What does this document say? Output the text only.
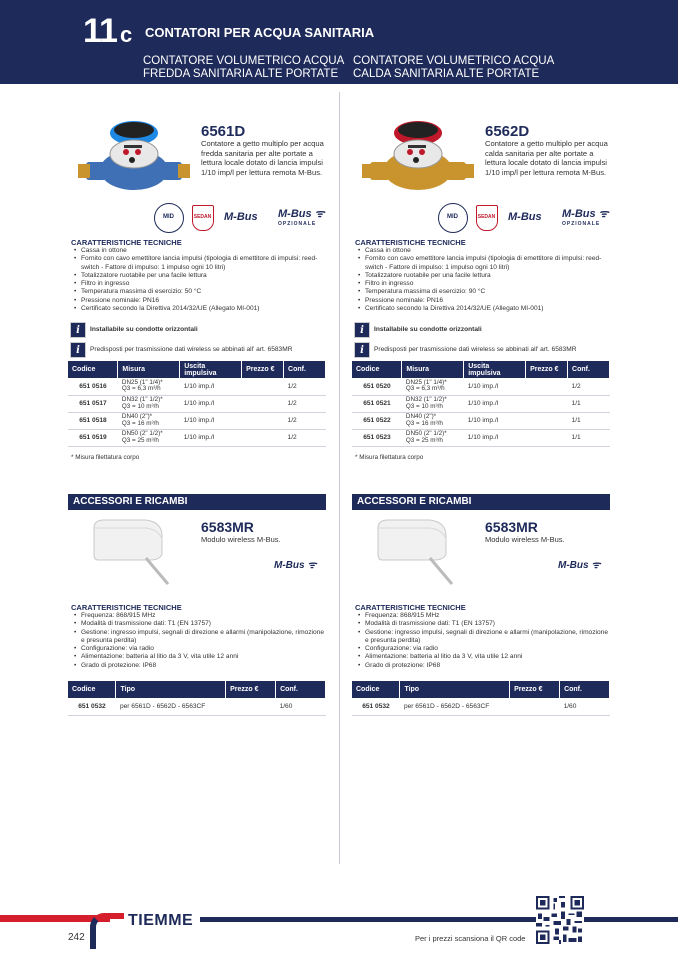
11 c CONTATORI PER ACQUA SANITARIA
CONTATORE VOLUMETRICO ACQUA
FREDDA SANITARIA ALTE PORTATE
CONTATORE VOLUMETRICO ACQUA
CALDA SANITARIA ALTE PORTATE
6561D
Contatore a getto multiplo per acqua fredda sanitaria per alte portate a lettura locale dotato di lancia impulsi 1/10 imp/l per lettura remota M-Bus.
MID	SEDAN M-Bus M-Bus ᯤ
OPZIONALE
CARATTERISTICHE TECNICHE
• Cassa in ottone
• Fornito con cavo emettitore lancia impulsi (tipologia di emettitore di impulsi: reed- switch - Fattore di impulso: 1 impulso ogni 10 litri)
• Totalizzatore ruotabile per una facile lettura
• Filtro in ingresso
• Temperatura massima di esercizio: 50 °C
• Pressione nominale: PN16
• Certificato secondo la Direttiva 2014/32/UE (Allegato MI-001)
i	Installabile su condotte orizzontali
i	Predisposti per trasmissione dati wireless se abbinati all' art. 6583MR
Codice	Misura	Uscita impulsiva	Prezzo €	Conf.
651 0516	DN25 (1" 1/4)*
Q3 = 6,3 m³/h	1/10 imp./l		1/2
651 0517	DN32 (1" 1/2)*
Q3 = 10 m³/h	1/10 imp./l		1/2
651 0518	DN40 (2")*
Q3 = 16 m³/h	1/10 imp./l		1/2
651 0519	DN50 (2" 1/2)*
Q3 = 25 m³/h	1/10 imp./l		1/2
* Misura filettatura corpo
ACCESSORI E RICAMBI
6583MR
Modulo wireless M-Bus.
M-Bus ᯤ
CARATTERISTICHE TECNICHE
• Frequenza: 868/915 MHz
• Modalità di trasmissione dati: T1 (EN 13757)
• Gestione: ingresso impulsi, segnali di direzione e allarmi (manipolazione, rimozione e presunta perdita)
• Configurazione: via radio
• Alimentazione: batteria al litio da 3 V, vita utile 12 anni
• Grado di protezione: IP68
Codice	Tipo	Prezzo €	Conf.
651 0532	per 6561D - 6562D - 6563CF		1/60
6562D
Contatore a getto multiplo per acqua calda sanitaria per alte portate a lettura locale dotato di lancia impulsi 1/10 imp/l per lettura remota M-Bus.
MID	SEDAN M-Bus M-Bus ᯤ
OPZIONALE
CARATTERISTICHE TECNICHE
• Cassa in ottone
• Fornito con cavo emettitore lancia impulsi (tipologia di emettitore di impulsi: reed- switch - Fattore di impulso: 1 impulso ogni 10 litri)
• Totalizzatore ruotabile per una facile lettura
• Filtro in ingresso
• Temperatura massima di esercizio: 90 °C
• Pressione nominale: PN16
• Certificato secondo la Direttiva 2014/32/UE (Allegato MI-001)
i	Installabile su condotte orizzontali
i	Predisposti per trasmissione dati wireless se abbinati all' art. 6583MR
Codice	Misura	Uscita impulsiva	Prezzo €	Conf.
651 0520	DN25 (1" 1/4)*
Q3 = 6,3 m³/h	1/10 imp./l		1/2
651 0521	DN32 (1" 1/2)*
Q3 = 10 m³/h	1/10 imp./l		1/1
651 0522	DN40 (2")*
Q3 = 16 m³/h	1/10 imp./l		1/1
651 0523	DN50 (2" 1/2)*
Q3 = 25 m³/h	1/10 imp./l		1/1
* Misura filettatura corpo
ACCESSORI E RICAMBI
6583MR
Modulo wireless M-Bus.
M-Bus ᯤ
CARATTERISTICHE TECNICHE
• Frequenza: 868/915 MHz
• Modalità di trasmissione dati: T1 (EN 13757)
• Gestione: ingresso impulsi, segnali di direzione e allarmi (manipolazione, rimozione e presunta perdita)
• Configurazione: via radio
• Alimentazione: batteria al litio da 3 V, vita utile 12 anni
• Grado di protezione: IP68
Codice	Tipo	Prezzo €	Conf.
651 0532	per 6561D - 6562D - 6563CF		1/60
TIEMME
242	Per i prezzi scansiona il QR code
